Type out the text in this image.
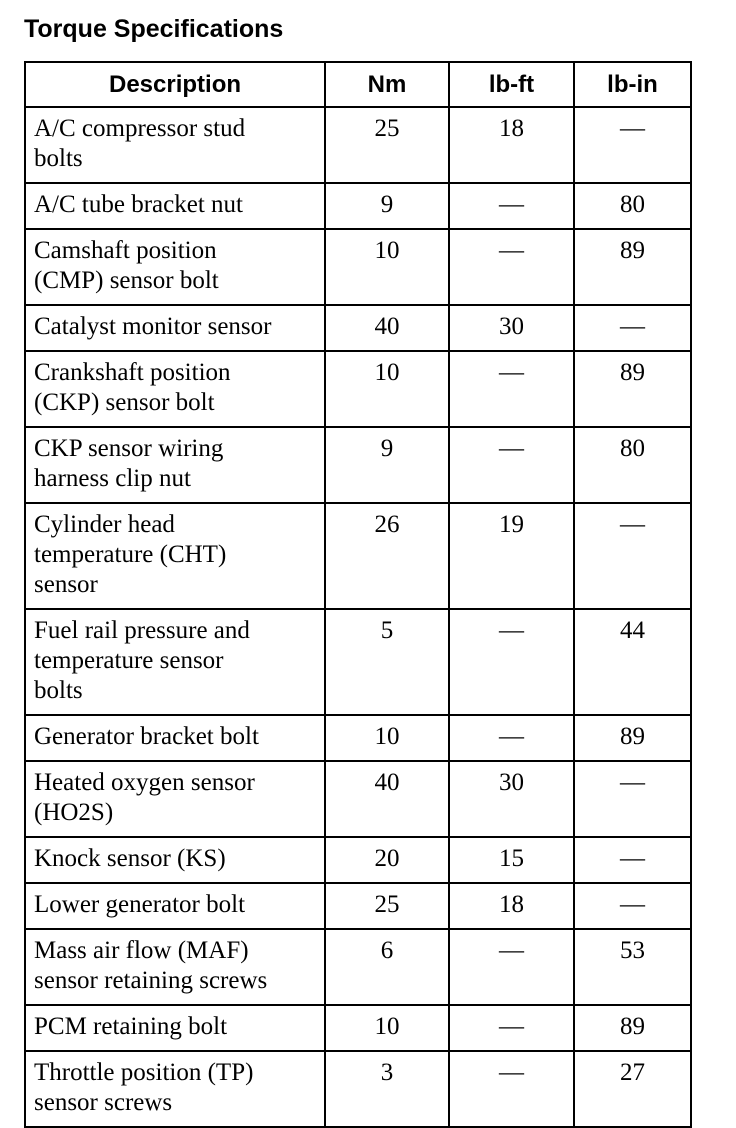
Torque Specifications
Description	Nm	lb-ft	lb-in

A/C compressor stud
bolts	25	18	—

A/C tube bracket nut	9	—	80

Camshaft position
(CMP) sensor bolt	10	—	89

Catalyst monitor sensor	40	30	—

Crankshaft position
(CKP) sensor bolt	10	—	89

CKP sensor wiring
harness clip nut	9	—	80

Cylinder head
temperature (CHT)
sensor	26	19	—

Fuel rail pressure and
temperature sensor
bolts	5	—	44

Generator bracket bolt	10	—	89

Heated oxygen sensor
(HO2S)	40	30	—

Knock sensor (KS)	20	15	—

Lower generator bolt	25	18	—

Mass air flow (MAF)
sensor retaining screws	6	—	53

PCM retaining bolt	10	—	89

Throttle position (TP)
sensor screws	3	—	27
